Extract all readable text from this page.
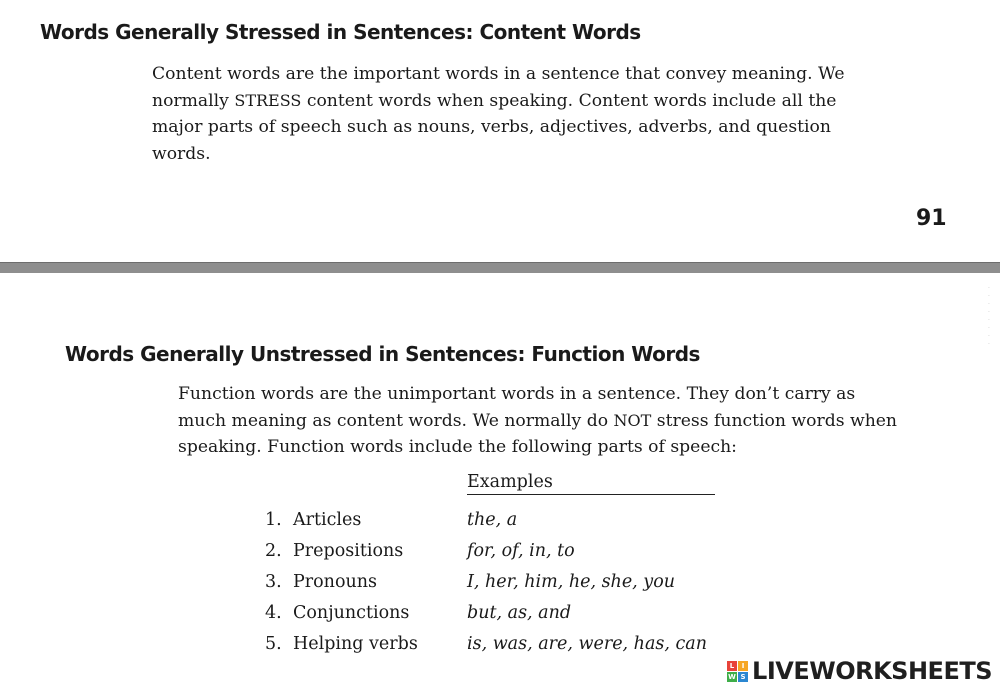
Words Generally Stressed in Sentences: Content Words

Content words are the important words in a sentence that convey meaning. We
normally STRESS content words when speaking. Content words include all the
major parts of speech such as nouns, verbs, adjectives, adverbs, and question
words.

91
·
·
·
·
·
·
·
·
Words Generally Unstressed in Sentences: Function Words

Function words are the unimportant words in a sentence. They don’t carry as
much meaning as content words. We normally do NOT stress function words when
speaking. Function words include the following parts of speech:

Examples
1. Articles	the, a
2. Prepositions	for, of, in, to
3. Pronouns	I, her, him, he, she, you
4. Conjunctions	but, as, and
5. Helping verbs	is, was, are, were, has, can
L	I
W S LIVEWORKSHEETS
